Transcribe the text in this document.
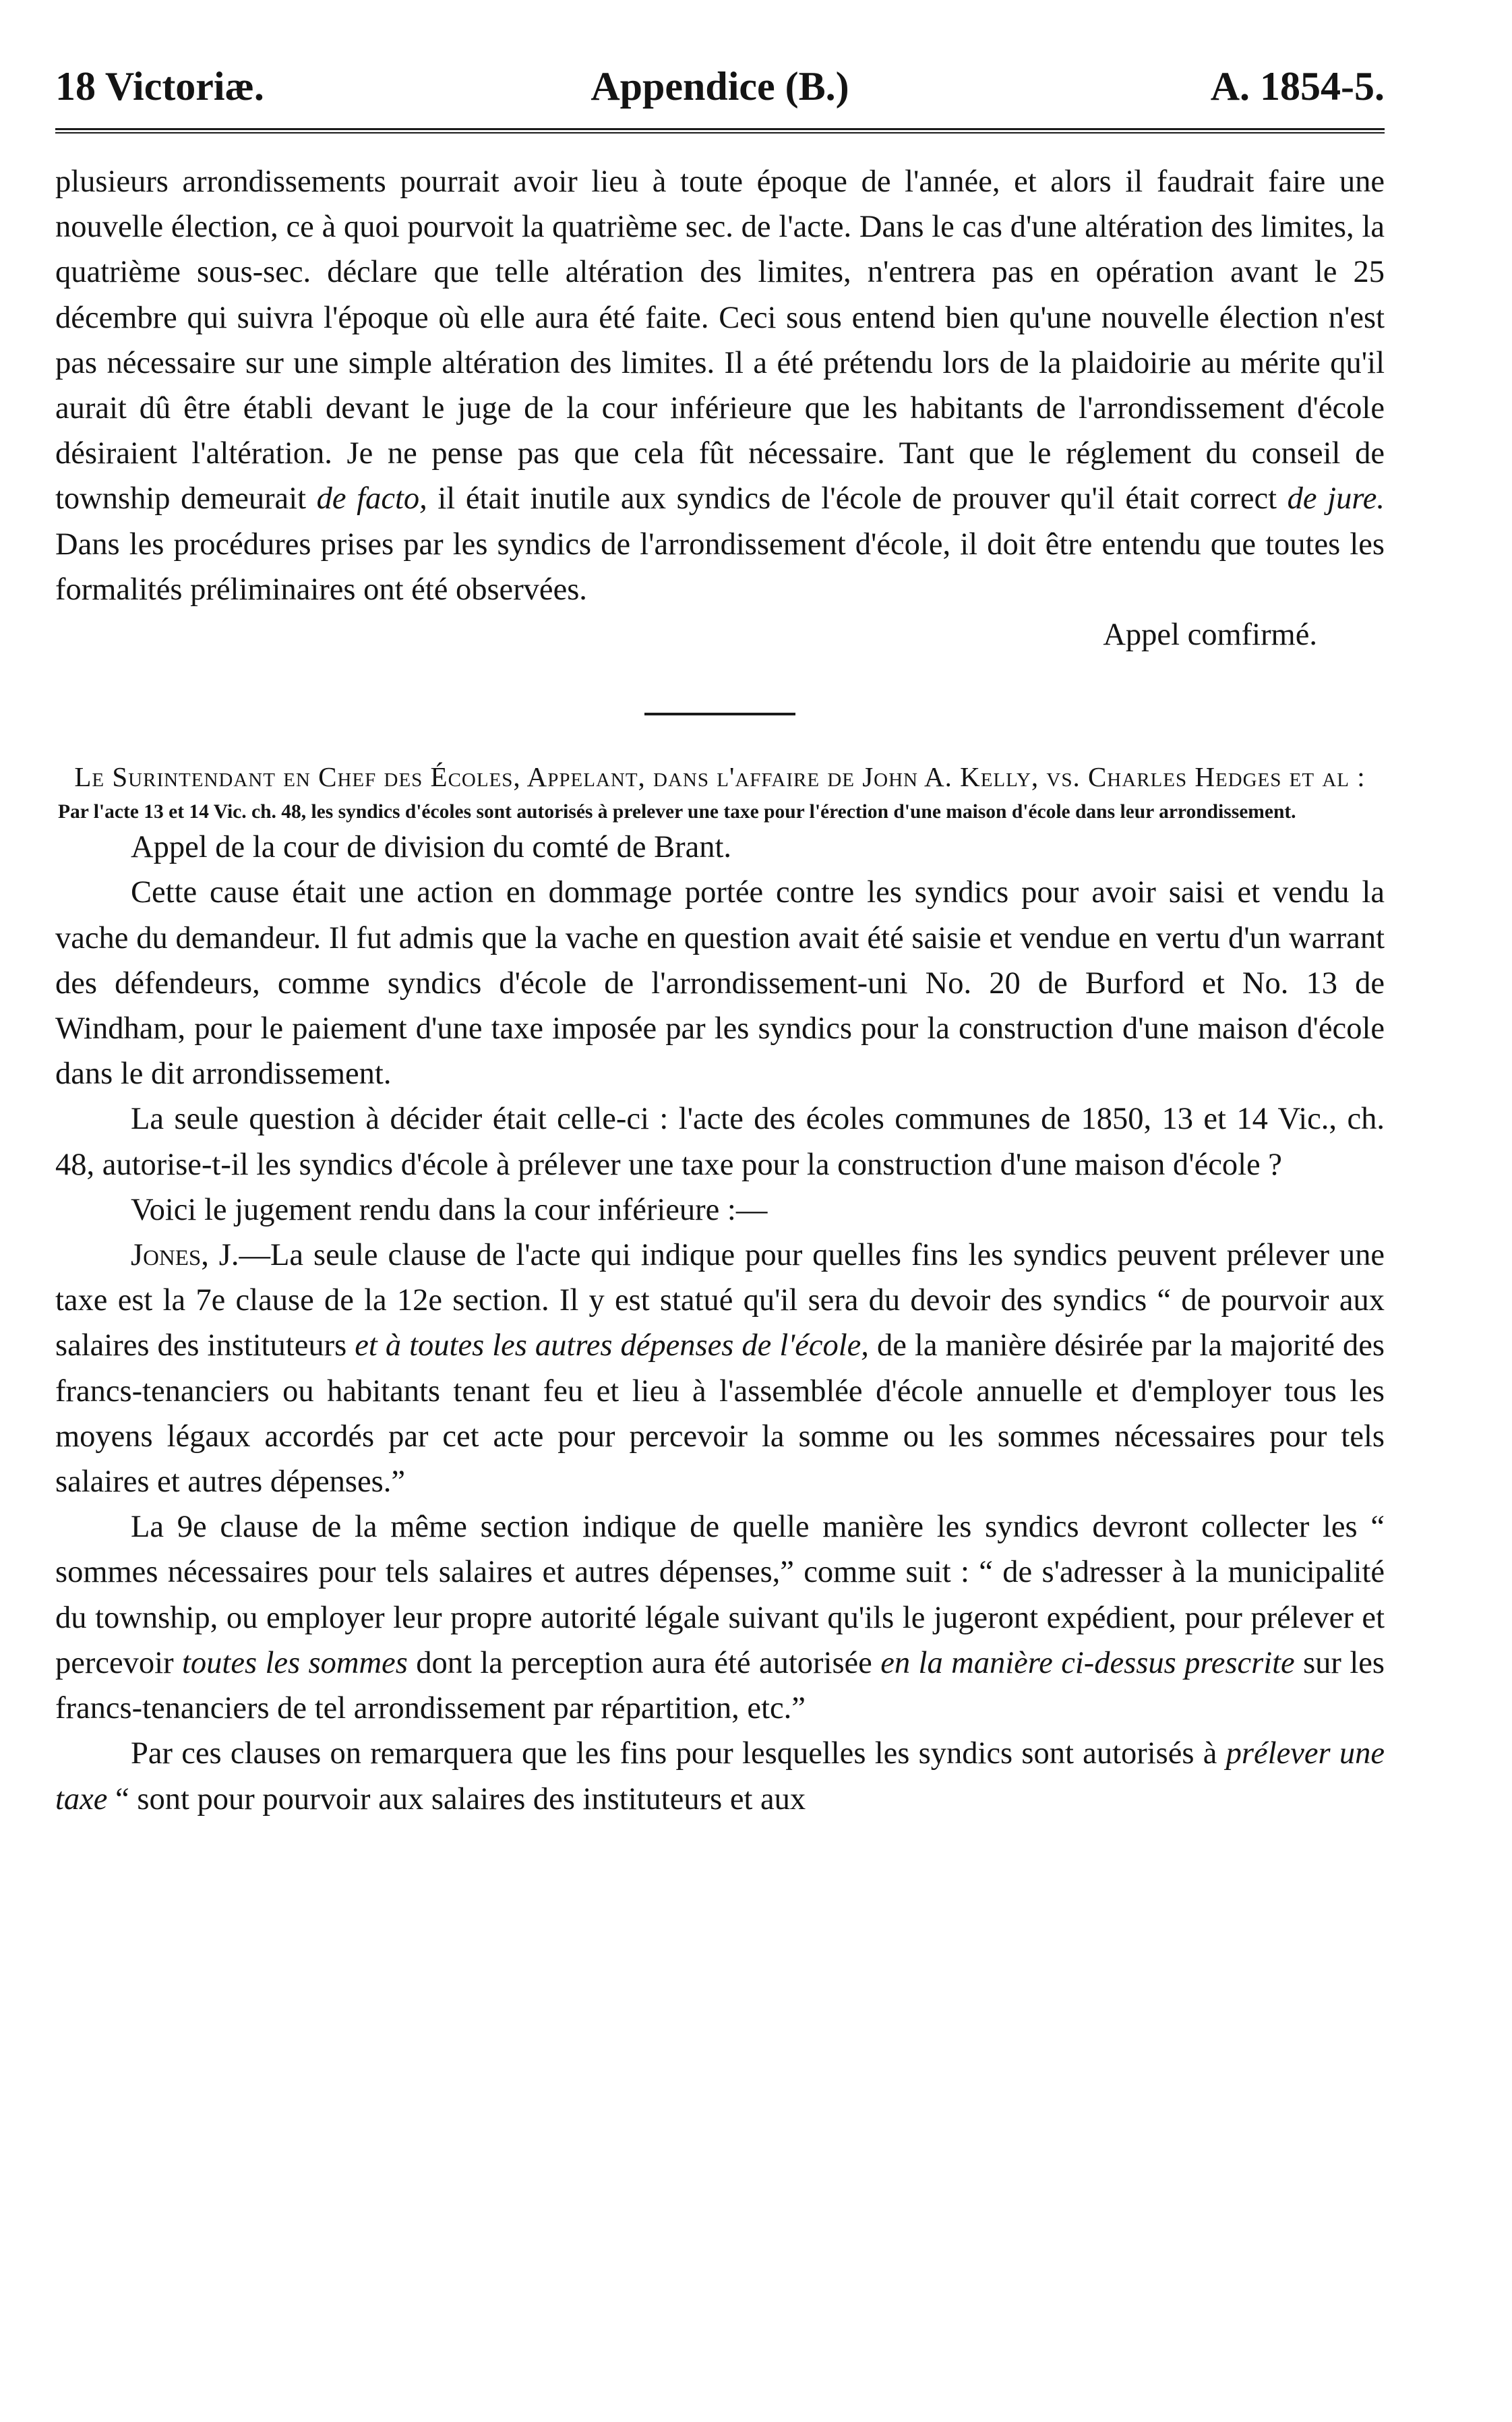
18 Victoriæ.	Appendice (B.)	A. 1854-5.

plusieurs arrondissements pourrait avoir lieu à toute époque de l'année, et alors il faudrait faire une nouvelle élection, ce à quoi pourvoit la quatrième sec. de l'acte. Dans le cas d'une altération des limites, la quatrième sous-sec. déclare que telle altération des limites, n'entrera pas en opération avant le 25 décembre qui suivra l'époque où elle aura été faite. Ceci sous entend bien qu'une nouvelle élection n'est pas nécessaire sur une simple altération des limites. Il a été prétendu lors de la plaidoirie au mérite qu'il aurait dû être établi devant le juge de la cour inférieure que les habitants de l'arrondissement d'école désiraient l'altération. Je ne pense pas que cela fût nécessaire. Tant que le réglement du conseil de township demeurait de facto, il était inutile aux syndics de l'école de prouver qu'il était correct de jure. Dans les procédures prises par les syndics de l'arrondissement d'école, il doit être entendu que toutes les formalités préliminaires ont été observées.

Appel comfirmé.

Le Surintendant en Chef des Écoles, Appelant, dans l'affaire de John A. Kelly, vs. Charles Hedges et al :

Par l'acte 13 et 14 Vic. ch. 48, les syndics d'écoles sont autorisés à prelever une taxe pour l'érection d'une maison d'école dans leur arrondissement.

Appel de la cour de division du comté de Brant.

Cette cause était une action en dommage portée contre les syndics pour avoir saisi et vendu la vache du demandeur. Il fut admis que la vache en question avait été saisie et vendue en vertu d'un warrant des défendeurs, comme syndics d'école de l'arrondissement-uni No. 20 de Burford et No. 13 de Windham, pour le paiement d'une taxe imposée par les syndics pour la construction d'une maison d'école dans le dit arrondissement.

La seule question à décider était celle-ci : l'acte des écoles communes de 1850, 13 et 14 Vic., ch. 48, autorise-t-il les syndics d'école à prélever une taxe pour la construction d'une maison d'école ?

Voici le jugement rendu dans la cour inférieure :—

Jones, J.—La seule clause de l'acte qui indique pour quelles fins les syndics peuvent prélever une taxe est la 7e clause de la 12e section. Il y est statué qu'il sera du devoir des syndics “ de pourvoir aux salaires des instituteurs et à toutes les autres dépenses de l'école, de la manière désirée par la majorité des francs-tenanciers ou habitants tenant feu et lieu à l'assemblée d'école annuelle et d'employer tous les moyens légaux accordés par cet acte pour percevoir la somme ou les sommes nécessaires pour tels salaires et autres dépenses.”

La 9e clause de la même section indique de quelle manière les syndics devront collecter les “ sommes nécessaires pour tels salaires et autres dépenses,” comme suit : “ de s'adresser à la municipalité du township, ou employer leur propre autorité légale suivant qu'ils le jugeront expédient, pour prélever et percevoir toutes les sommes dont la perception aura été autorisée en la manière ci-dessus prescrite sur les francs-tenanciers de tel arrondissement par répartition, etc.”

Par ces clauses on remarquera que les fins pour lesquelles les syndics sont autorisés à prélever une taxe “ sont pour pourvoir aux salaires des instituteurs et aux
